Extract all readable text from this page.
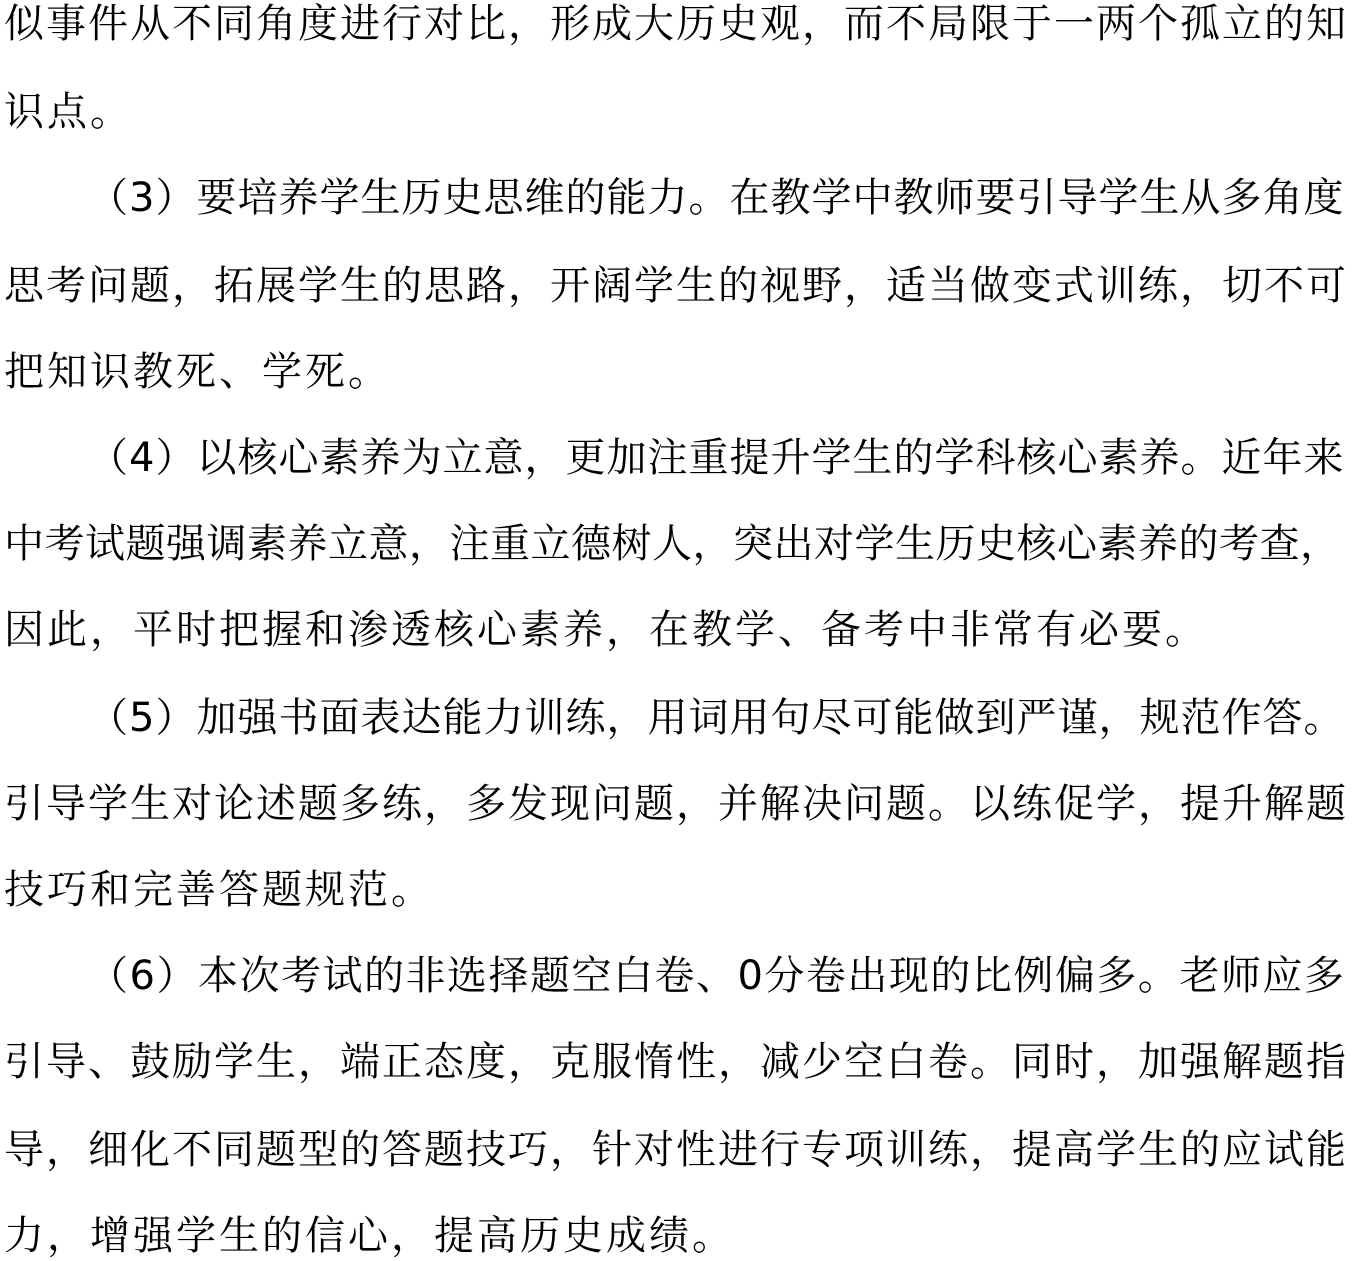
似事件从不同角度进行对比，形成大历史观，而不局限于一两个孤立的知
识点。
（3）要培养学生历史思维的能力。在教学中教师要引导学生从多角度
思考问题，拓展学生的思路，开阔学生的视野，适当做变式训练，切不可
把知识教死、学死。
（4）以核心素养为立意，更加注重提升学生的学科核心素养。近年来
中考试题强调素养立意，注重立德树人，突出对学生历史核心素养的考查，
因此，平时把握和渗透核心素养，在教学、备考中非常有必要。
（5）加强书面表达能力训练，用词用句尽可能做到严谨，规范作答。
引导学生对论述题多练，多发现问题，并解决问题。以练促学，提升解题
技巧和完善答题规范。
（6）本次考试的非选择题空白卷、0分卷出现的比例偏多。老师应多
引导、鼓励学生，端正态度，克服惰性，减少空白卷。同时，加强解题指
导，细化不同题型的答题技巧，针对性进行专项训练，提高学生的应试能
力，增强学生的信心，提高历史成绩。
